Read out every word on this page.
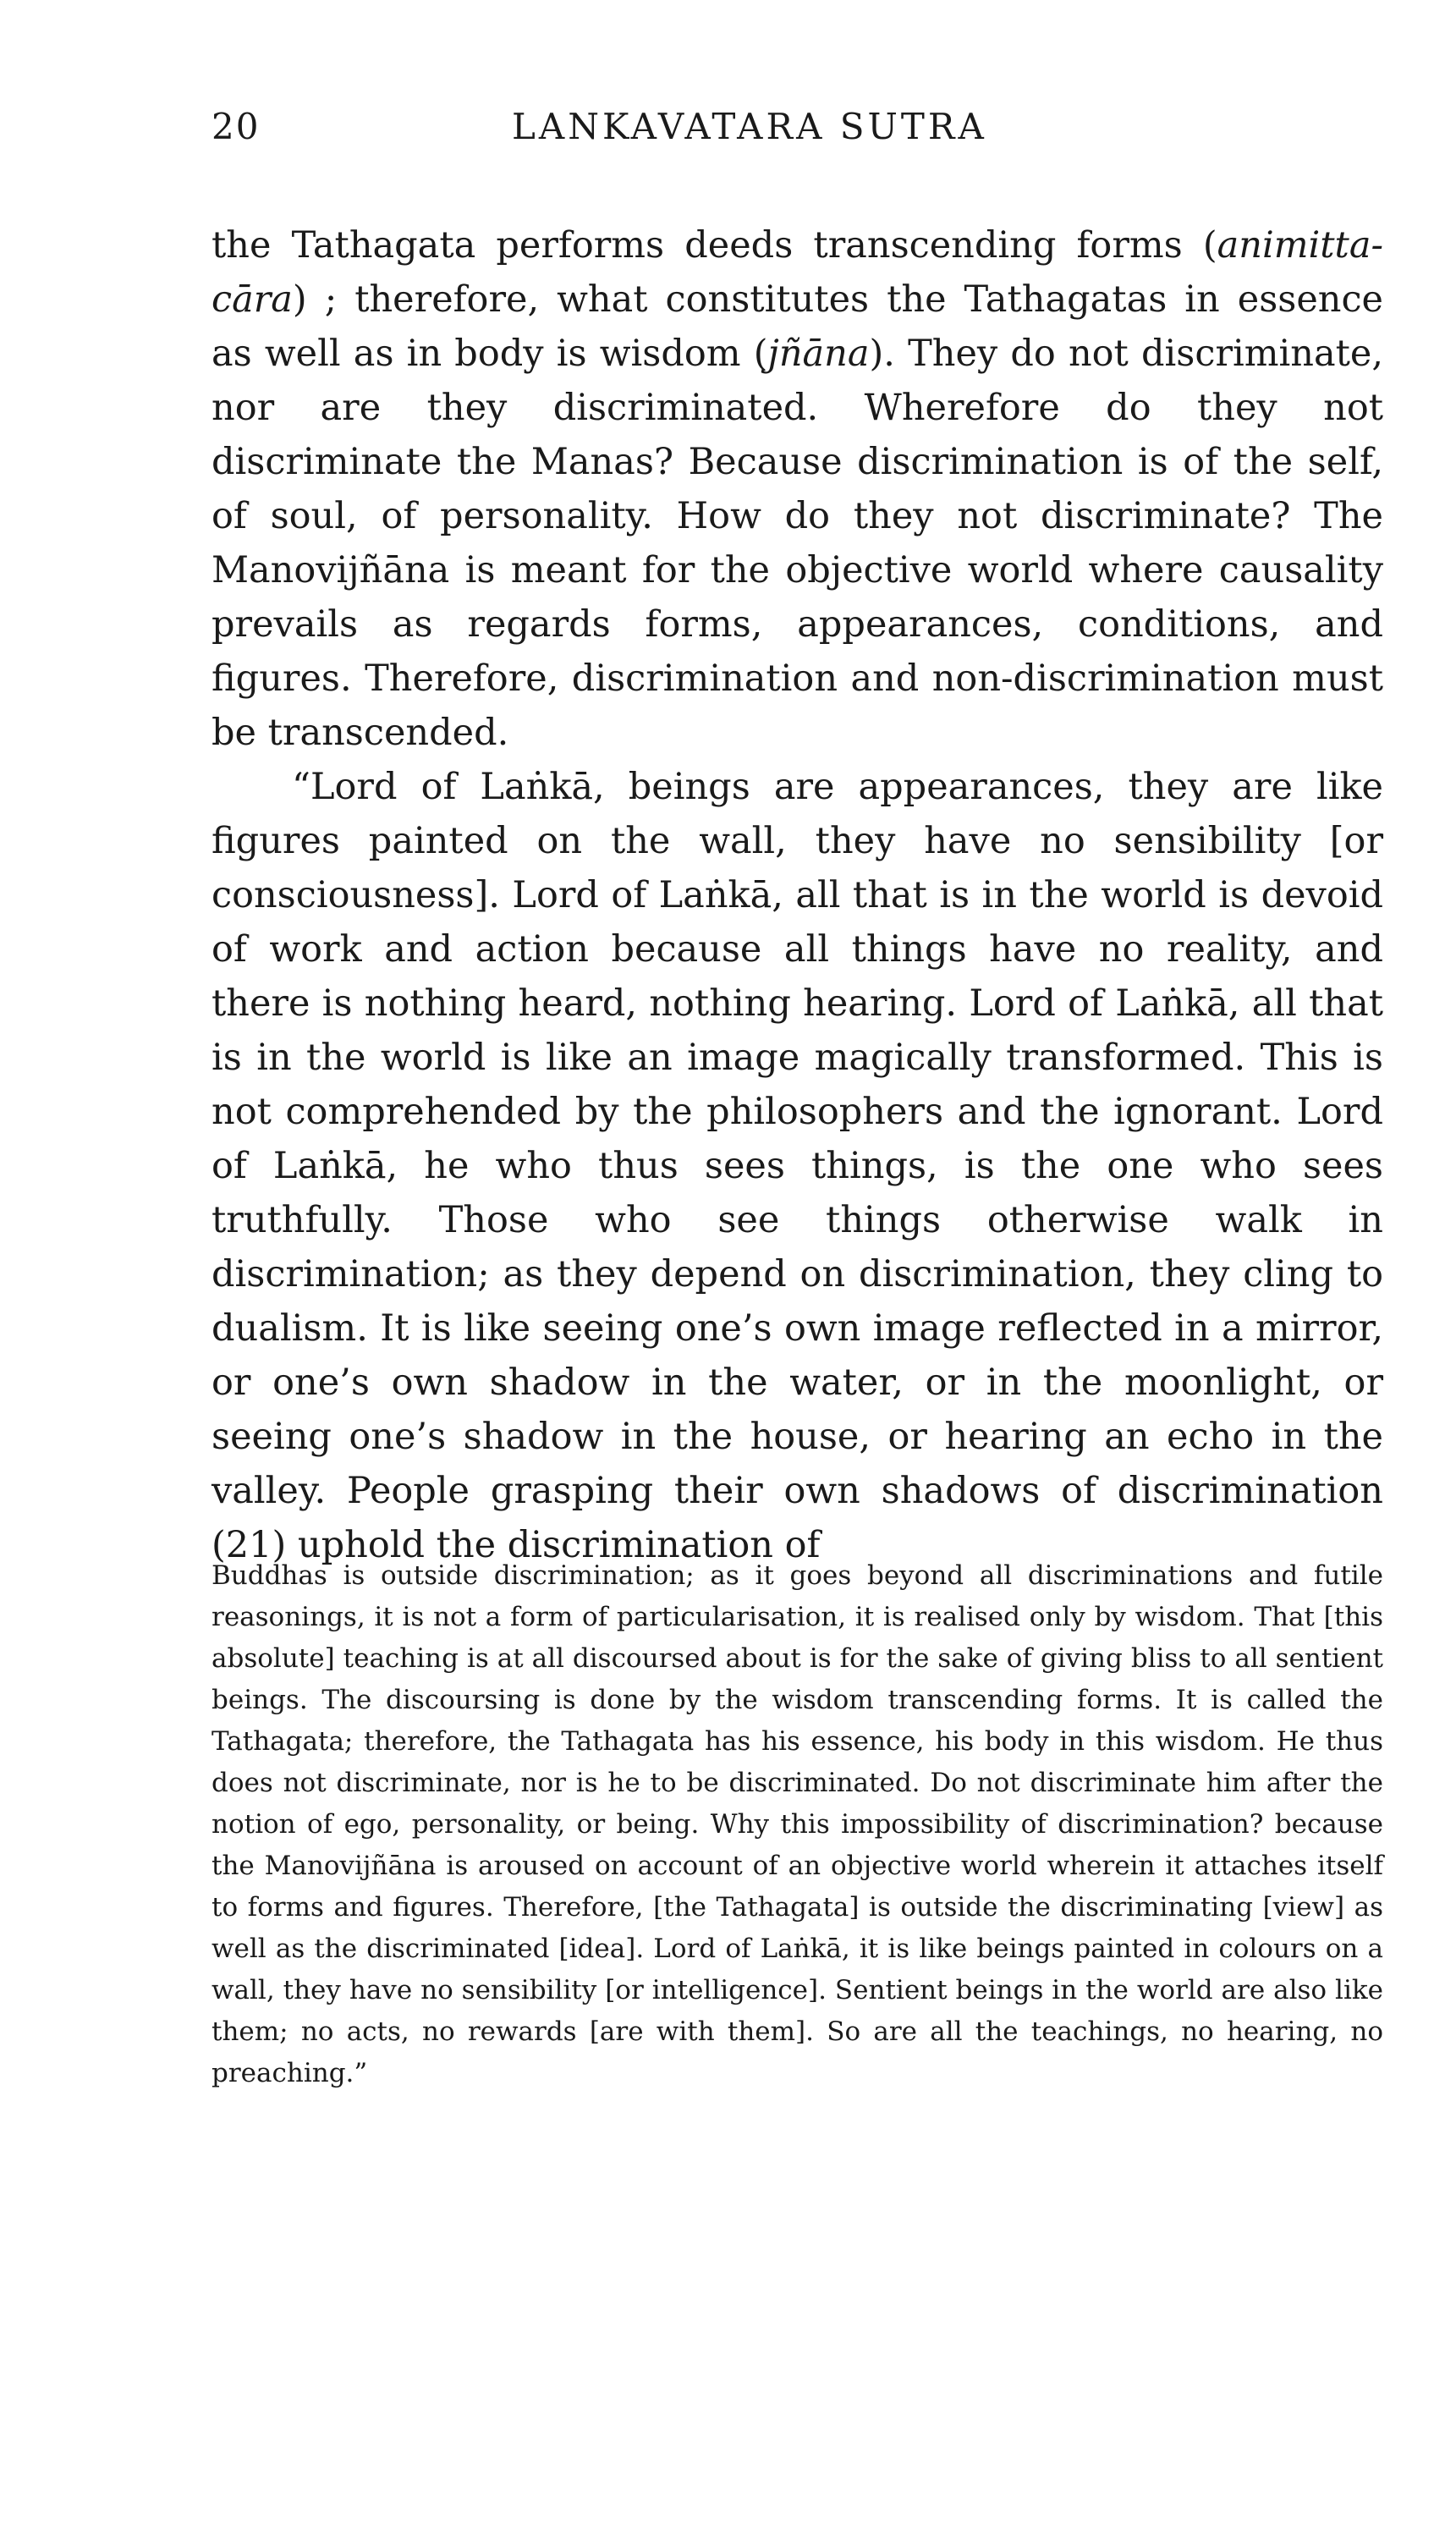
20	LANKAVATARA SUTRA

the Tathagata performs deeds transcending forms (animitta-cāra) ; therefore, what constitutes the Tathagatas in essence as well as in body is wisdom (jñāna). They do not discriminate, nor are they discriminated. Wherefore do they not discriminate the Manas? Because discrimination is of the self, of soul, of personality. How do they not discriminate? The Manovijñāna is meant for the objective world where causality prevails as regards forms, appearances, conditions, and figures. Therefore, discrimination and non-discrimination must be transcended.

“Lord of Laṅkā, beings are appearances, they are like figures painted on the wall, they have no sensibility [or consciousness]. Lord of Laṅkā, all that is in the world is devoid of work and action because all things have no reality, and there is nothing heard, nothing hearing. Lord of Laṅkā, all that is in the world is like an image magically transformed. This is not comprehended by the philosophers and the ignorant. Lord of Laṅkā, he who thus sees things, is the one who sees truthfully. Those who see things otherwise walk in discrimination; as they depend on discrimination, they cling to dualism. It is like seeing one’s own image reflected in a mirror, or one’s own shadow in the water, or in the moonlight, or seeing one’s shadow in the house, or hearing an echo in the valley. People grasping their own shadows of discrimination (21) uphold the discrimination of

Buddhas is outside discrimination; as it goes beyond all discriminations and futile reasonings, it is not a form of particularisation, it is realised only by wisdom. That [this absolute] teaching is at all discoursed about is for the sake of giving bliss to all sentient beings. The discoursing is done by the wisdom transcending forms. It is called the Tathagata; therefore, the Tathagata has his essence, his body in this wisdom. He thus does not discriminate, nor is he to be discriminated. Do not discriminate him after the notion of ego, personality, or being. Why this impossibility of discrimination? because the Manovijñāna is aroused on account of an objective world wherein it attaches itself to forms and figures. Therefore, [the Tathagata] is outside the discriminating [view] as well as the discriminated [idea]. Lord of Laṅkā, it is like beings painted in colours on a wall, they have no sensibility [or intelligence]. Sentient beings in the world are also like them; no acts, no rewards [are with them]. So are all the teachings, no hearing, no preaching.”
